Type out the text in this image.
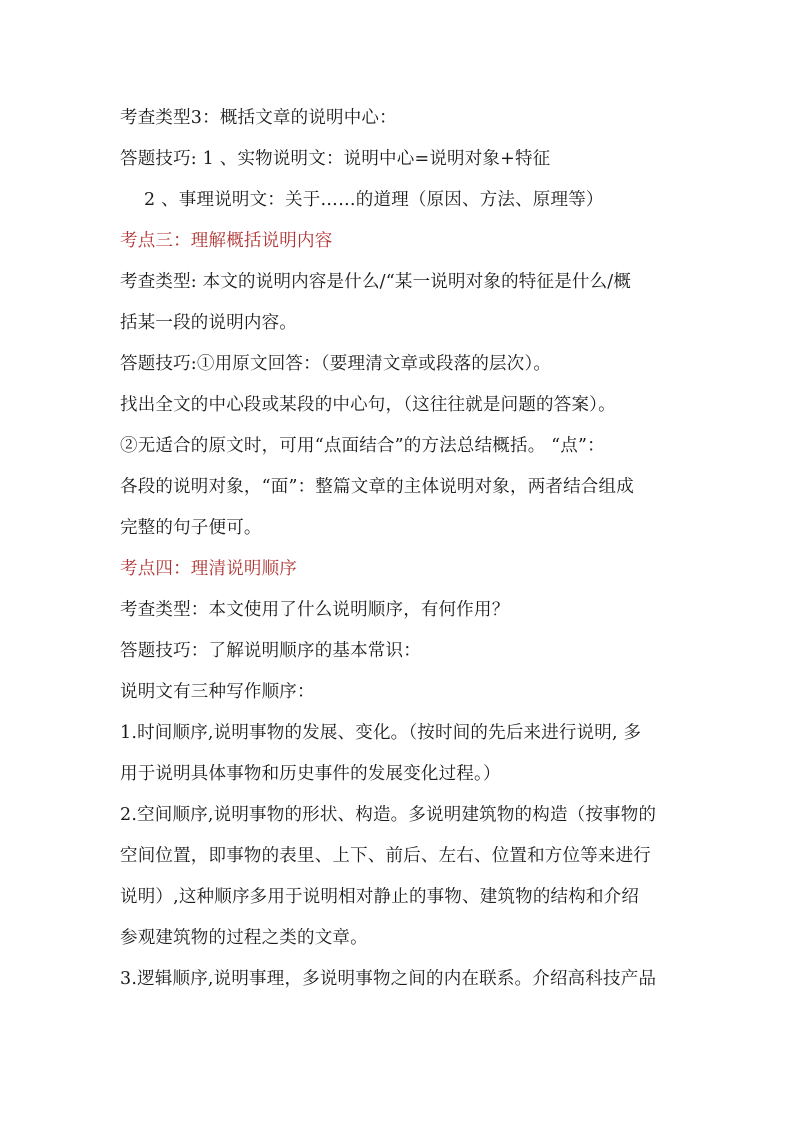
考查类型3：概括文章的说明中心：
答题技巧: 1 、实物说明文：说明中心=说明对象+特征
2 、事理说明文：关于……的道理（原因、方法、原理等）
考点三：理解概括说明内容
考查类型: 本文的说明内容是什么/“某一说明对象的特征是什么/概
括某一段的说明内容。
答题技巧:①用原文回答：（要理清文章或段落的层次）。
找出全文的中心段或某段的中心句，（这往往就是问题的答案）。
②无适合的原文时，可用“点面结合”的方法总结概括。 “点”：
各段的说明对象，“面”：整篇文章的主体说明对象，两者结合组成
完整的句子便可。
考点四：理清说明顺序
考查类型：本文使用了什么说明顺序，有何作用？
答题技巧：了解说明顺序的基本常识：
说明文有三种写作顺序：
1.时间顺序,说明事物的发展、变化。（按时间的先后来进行说明, 多
用于说明具体事物和历史事件的发展变化过程。）
2.空间顺序,说明事物的形状、构造。多说明建筑物的构造（按事物的
空间位置，即事物的表里、上下、前后、左右、位置和方位等来进行
说明）,这种顺序多用于说明相对静止的事物、建筑物的结构和介绍
参观建筑物的过程之类的文章。
3.逻辑顺序,说明事理，多说明事物之间的内在联系。介绍高科技产品
